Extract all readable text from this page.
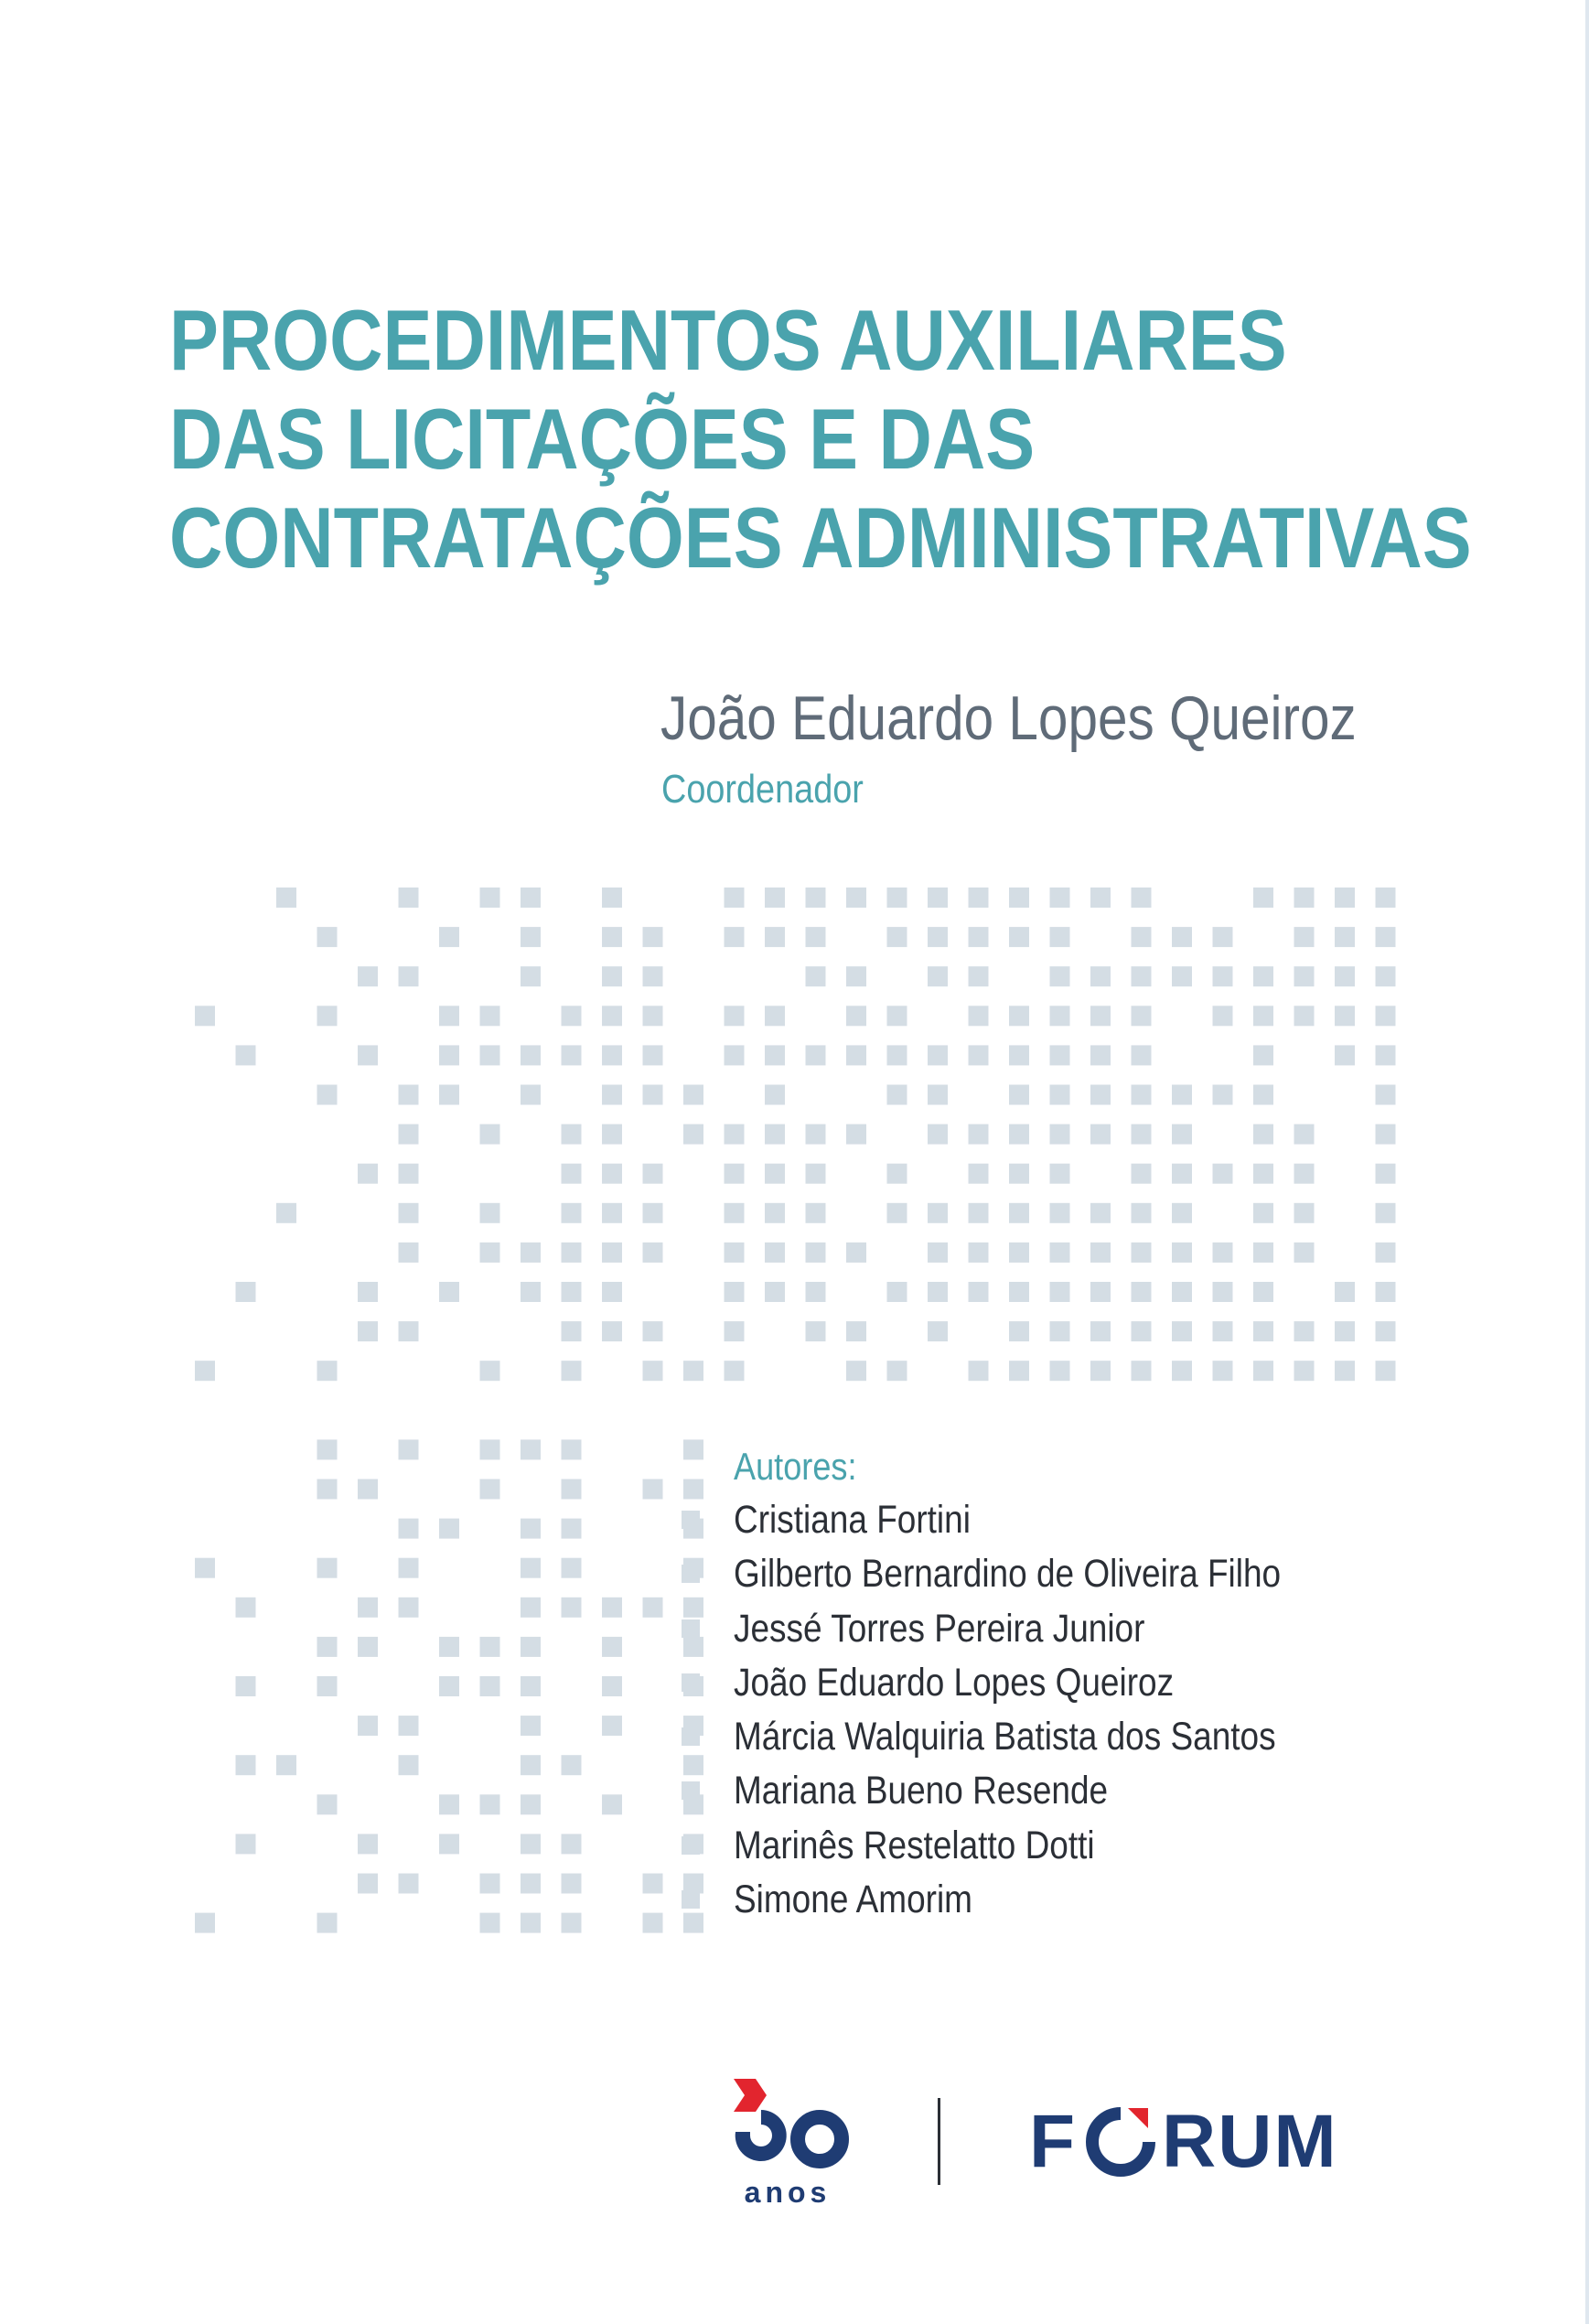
PROCEDIMENTOS AUXILIARES
DAS LICITAÇÕES E DAS
CONTRATAÇÕES ADMINISTRATIVAS
João Eduardo Lopes Queiroz
Coordenador
Autores:
Cristiana Fortini
Gilberto Bernardino de Oliveira Filho
Jessé Torres Pereira Junior
João Eduardo Lopes Queiroz
Márcia Walquiria Batista dos Santos
Mariana Bueno Resende
Marinês Restelatto Dotti
Simone Amorim
anos
F RUM
